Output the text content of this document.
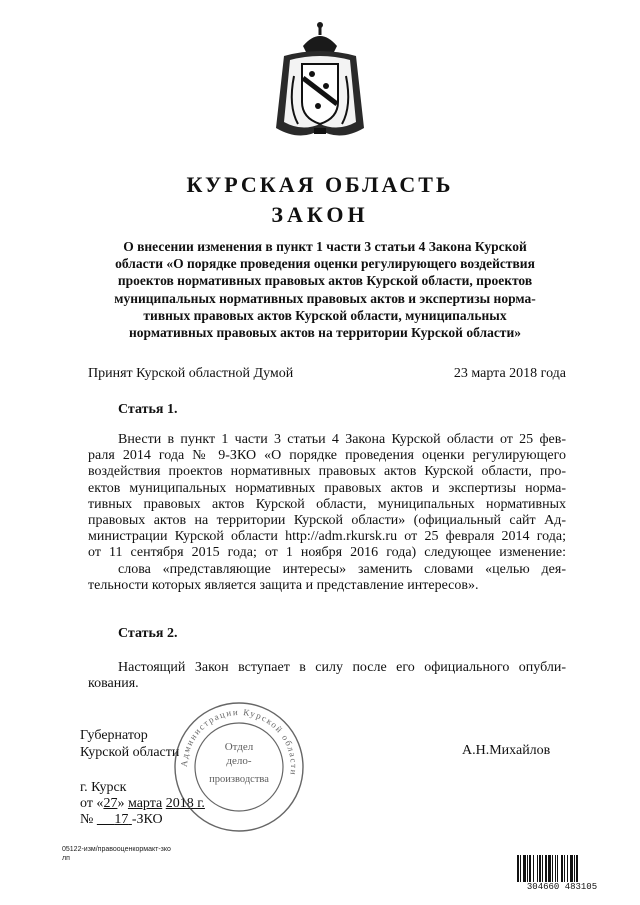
КУРСКАЯ ОБЛАСТЬ
ЗАКОН
О внесении изменения в пункт 1 части 3 статьи 4 Закона Курской
области «О порядке проведения оценки регулирующего воздействия
проектов нормативных правовых актов Курской области, проектов
муниципальных нормативных правовых актов и экспертизы норма-
тивных правовых актов Курской области, муниципальных
нормативных правовых актов на территории Курской области»
Принят Курской областной Думой	23 марта 2018 года
Статья 1.
Внести в пункт 1 части 3 статьи 4 Закона Курской области от 25 фев-
раля 2014 года № 9-ЗКО «О порядке проведения оценки регулирующего
воздействия проектов нормативных правовых актов Курской области, про-
ектов муниципальных нормативных правовых актов и экспертизы норма-
тивных правовых актов Курской области, муниципальных нормативных
правовых актов на территории Курской области» (официальный сайт Ад-
министрации Курской области http://adm.rkursk.ru от 25 февраля 2014 года;
от 11 сентября 2015 года; от 1 ноября 2016 года) следующее изменение:
слова «представляющие интересы» заменить словами «целью дея-
тельности которых является защита и представление интересов».
Статья 2.
Настоящий Закон вступает в силу после его официального опубли-
кования.
Губернатор
Курской области	А.Н.Михайлов
г. Курск
от «27» марта 2018 г.
№ 17 -ЗКО
Администрации Курской области
Отдел
дело-
производства
05122-изм/правооценкормакт-зко
лп
304660 483105
